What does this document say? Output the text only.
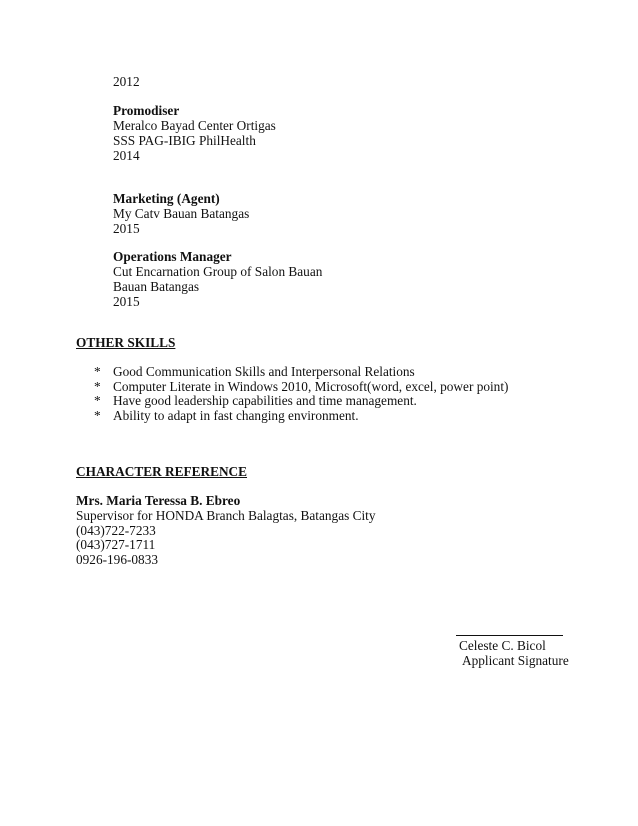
2012
Promodiser
Meralco Bayad Center Ortigas
SSS PAG-IBIG PhilHealth
2014
Marketing (Agent)
My Catv Bauan Batangas
2015
Operations Manager
Cut Encarnation Group of Salon Bauan
Bauan Batangas
2015
OTHER SKILLS
* Good Communication Skills and Interpersonal Relations
* Computer Literate in Windows 2010, Microsoft(word, excel, power point)
* Have good leadership capabilities and time management.
* Ability to adapt in fast changing environment.
CHARACTER REFERENCE
Mrs. Maria Teressa B. Ebreo
Supervisor for HONDA Branch Balagtas, Batangas City
(043)722-7233
(043)727-1711
0926-196-0833
Celeste C. Bicol
Applicant Signature
